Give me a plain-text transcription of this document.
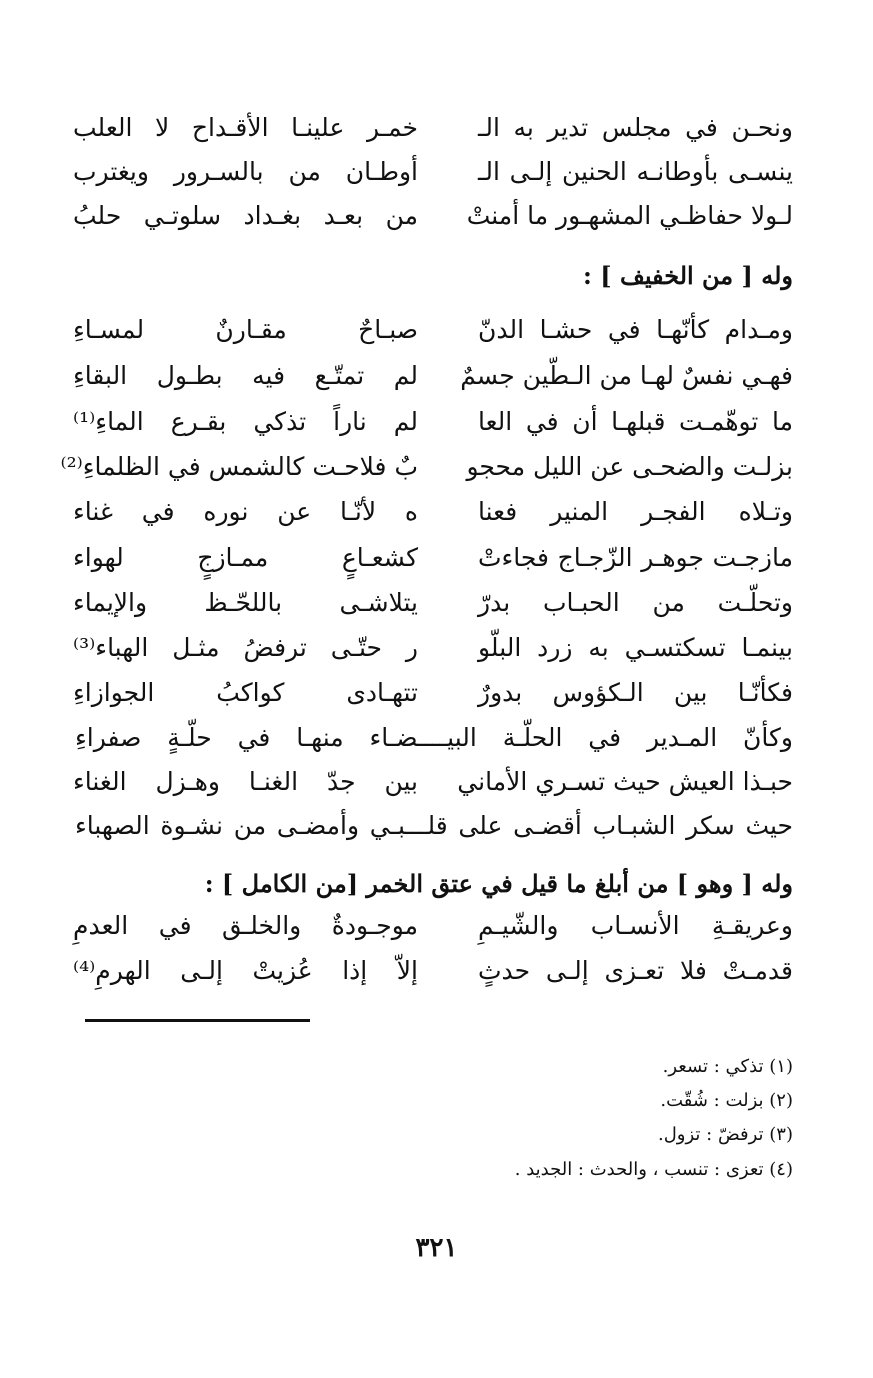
ونحـن في مجلس تدير به الـ
خمـر علينـا الأقـداح لا العلب
ينسـى بأوطانـه الحنين إلـى الـ
أوطـان من بالسـرور ويغترب
لـولا حفاظـي المشهـور ما أمنتْ
من بعـد بغـداد سلوتـي حلبُ
وله [ من الخفيف ] :
ومـدام كأنّهـا في حشـا الدنّ
صبـاحٌ مقـارنٌ لمسـاءِ
فهـي نفسٌ لهـا من الـطّين جسمٌ
لم تمتّـع فيه بطـول البقاءِ
ما توهّمـت قبلهـا أن في العا
لم ناراً تذكي بقـرع الماءِ⁽¹⁾
بزلـت والضحـى عن الليل محجو
بٌ فلاحـت كالشمس في الظلماءِ⁽²⁾
وتـلاه الفجـر المنير فعنا
ه لأنّـا عن نوره في غناء
مازجـت جوهـر الزّجـاج فجاءتْ
كشعـاعٍ ممـازجٍ لهواء
وتحلّـت من الحبـاب بدرّ
يتلاشـى باللحّـظ والإيماء
بينمـا تسكتسـي به زرد البلّو
ر حتّـى ترفضُ مثـل الهباء⁽³⁾
فكأنّـا بين الـكؤوس بدورٌ
تتهـادى كواكبُ الجوازاءِ
وكأنّ المـدير في الحلّـة البيــــضـاء منهـا في حلّـةٍ صفراءِ
حبـذا العيش حيث تسـري الأماني
بين جدّ الغنـا وهـزل الغناء
حيث سكر الشبـاب أقضـى على قلـــبـي وأمضـى من نشـوة الصهباء
وله [ وهو ] من أبلغ ما قيل في عتق الخمر [من الكامل ] :
وعريقـةِ الأنسـاب والشّيـمِ
موجـودةٌ والخلـق في العدمِ
قدمـتْ فلا تعـزى إلـى حدثٍ
إلاّ إذا عُزيتْ إلـى الهرمِ⁽⁴⁾
(١) تذكي : تسعر.
(٢) بزلت : شُقّت.
(٣) ترفضّ : تزول.
(٤) تعزى : تنسب ، والحدث : الجديد .
٣٢١
